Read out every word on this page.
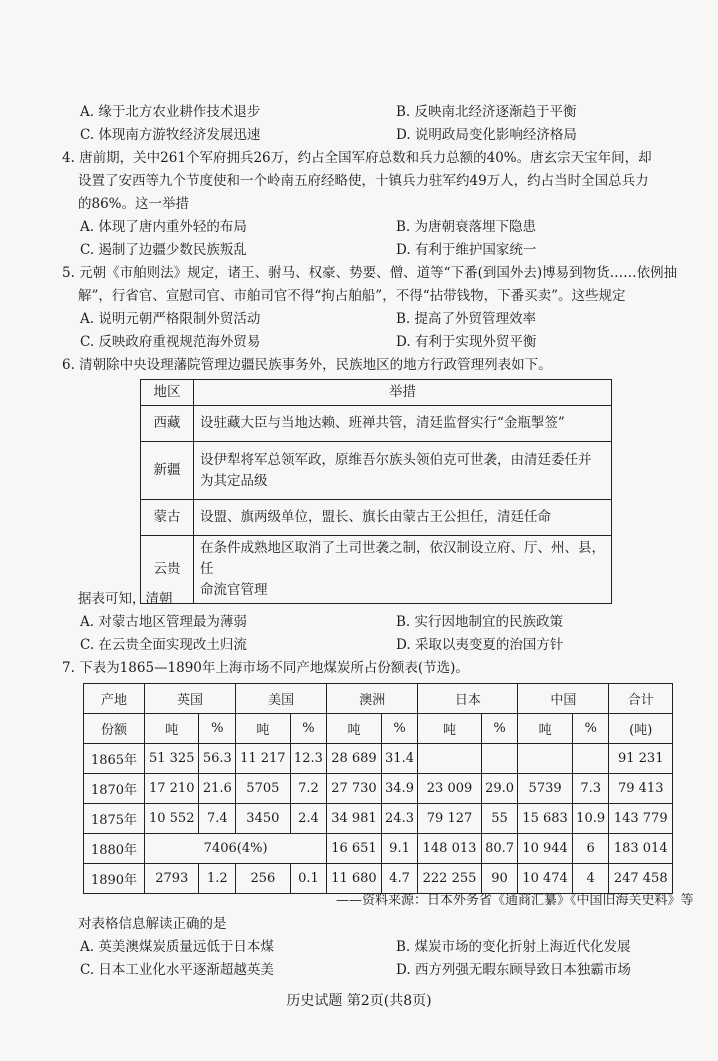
A. 缘于北方农业耕作技术退步	B. 反映南北经济逐渐趋于平衡
C. 体现南方游牧经济发展迅速	D. 说明政局变化影响经济格局
4. 唐前期，关中261个军府拥兵26万，约占全国军府总数和兵力总额的40%。唐玄宗天宝年间，却
设置了安西等九个节度使和一个岭南五府经略使，十镇兵力驻军约49万人，约占当时全国总兵力
的86%。这一举措
A. 体现了唐内重外轻的布局	B. 为唐朝衰落埋下隐患
C. 遏制了边疆少数民族叛乱	D. 有利于维护国家统一
5. 元朝《市舶则法》规定，诸王、驸马、权豪、势要、僧、道等“下番(到国外去)博易到物货……依例抽
解”，行省官、宣慰司官、市舶司官不得“拘占舶船”，不得“拈带钱物，下番买卖”。这些规定
A. 说明元朝严格限制外贸活动	B. 提高了外贸管理效率
C. 反映政府重视规范海外贸易	D. 有利于实现外贸平衡
6. 清朝除中央设理藩院管理边疆民族事务外，民族地区的地方行政管理列表如下。
地区	举措
西藏	设驻藏大臣与当地达赖、班禅共管，清廷监督实行“金瓶掣签”
新疆	设伊犁将军总领军政，原维吾尔族头领伯克可世袭，由清廷委任并
为其定品级

蒙古	设盟、旗两级单位，盟长、旗长由蒙古王公担任，清廷任命
云贵	在条件成熟地区取消了土司世袭之制，依汉制设立府、厅、州、县，任
命流官管理
据表可知，清朝
A. 对蒙古地区管理最为薄弱	B. 实行因地制宜的民族政策
C. 在云贵全面实现改土归流	D. 采取以夷变夏的治国方针
7. 下表为1865—1890年上海市场不同产地煤炭所占份额表(节选)。
产地	英国		美国		澳洲		日本		中国		合计
份额	吨	%	吨	%	吨	%	吨	%	吨	%	(吨)
1865年	51 325	56.3	11 217	12.3	28 689	31.4					91 231
1870年	17 210	21.6	5705	7.2	27 730	34.9	23 009	29.0	5739	7.3	79 413
1875年	10 552	7.4	3450	2.4	34 981	24.3	79 127	55	15 683	10.9	143 779
1880年	7406(4%)				16 651	9.1	148 013	80.7	10 944	6	183 014
1890年	2793	1.2	256	0.1	11 680	4.7	222 255	90	10 474	4	247 458
——资料来源：日本外务省《通商汇纂》《中国旧海关史料》等
对表格信息解读正确的是
A. 英美澳煤炭质量远低于日本煤	B. 煤炭市场的变化折射上海近代化发展
C. 日本工业化水平逐渐超越英美	D. 西方列强无暇东顾导致日本独霸市场
历史试题 第2页(共8页)
